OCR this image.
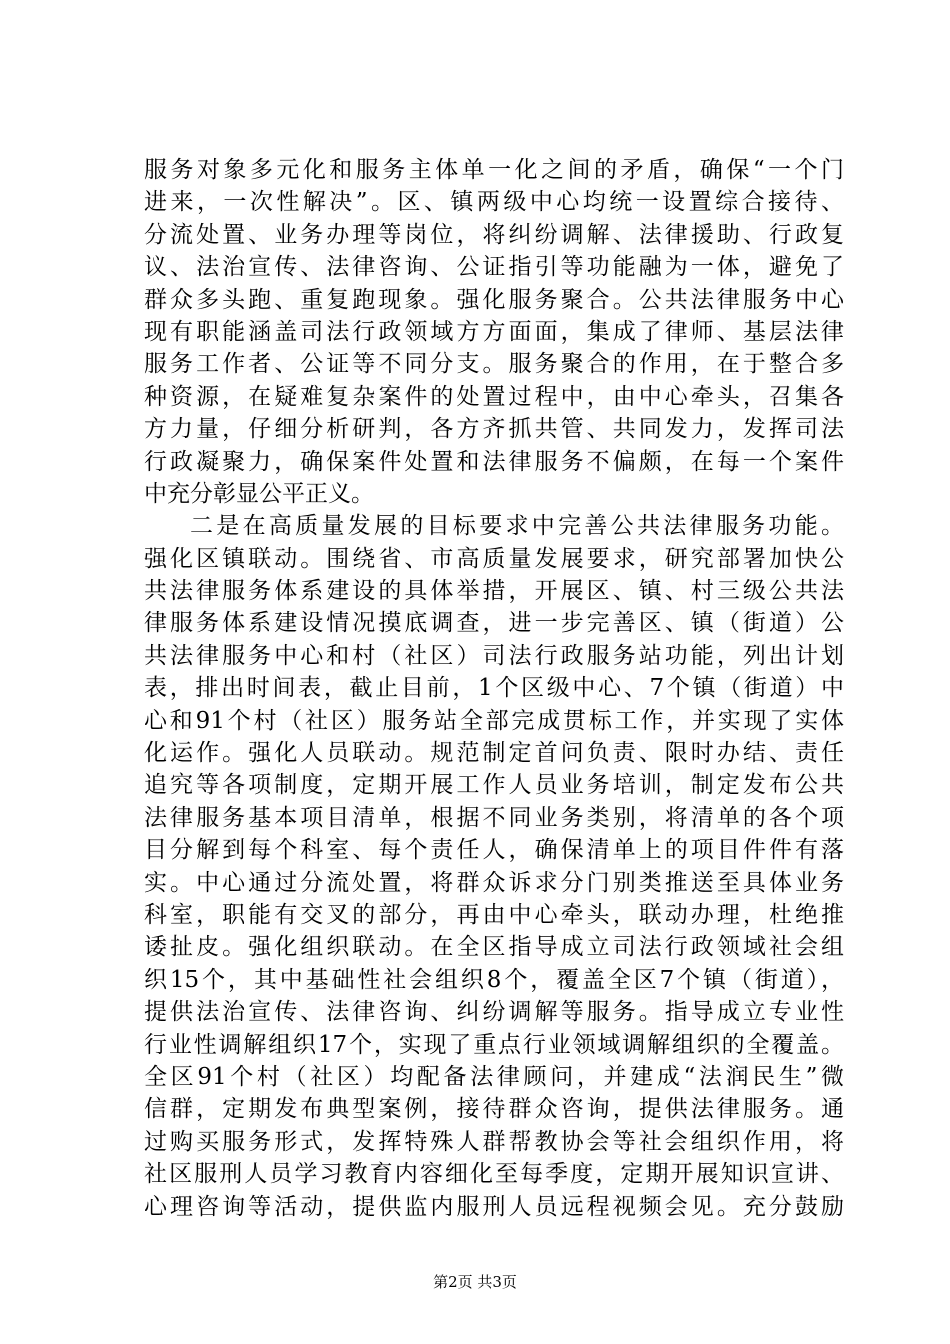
服务对象多元化和服务主体单一化之间的矛盾，确保“一个门
进来，一次性解决”。区、镇两级中心均统一设置综合接待、
分流处置、业务办理等岗位，将纠纷调解、法律援助、行政复
议、法治宣传、法律咨询、公证指引等功能融为一体，避免了
群众多头跑、重复跑现象。强化服务聚合。公共法律服务中心
现有职能涵盖司法行政领域方方面面，集成了律师、基层法律
服务工作者、公证等不同分支。服务聚合的作用，在于整合多
种资源，在疑难复杂案件的处置过程中，由中心牵头，召集各
方力量，仔细分析研判，各方齐抓共管、共同发力，发挥司法
行政凝聚力，确保案件处置和法律服务不偏颇，在每一个案件
中充分彰显公平正义。
二是在高质量发展的目标要求中完善公共法律服务功能。
强化区镇联动。围绕省、市高质量发展要求，研究部署加快公
共法律服务体系建设的具体举措，开展区、镇、村三级公共法
律服务体系建设情况摸底调查，进一步完善区、镇（街道）公
共法律服务中心和村（社区）司法行政服务站功能，列出计划
表，排出时间表，截止目前，1个区级中心、7个镇（街道）中
心和91个村（社区）服务站全部完成贯标工作，并实现了实体
化运作。强化人员联动。规范制定首问负责、限时办结、责任
追究等各项制度，定期开展工作人员业务培训，制定发布公共
法律服务基本项目清单，根据不同业务类别，将清单的各个项
目分解到每个科室、每个责任人，确保清单上的项目件件有落
实。中心通过分流处置，将群众诉求分门别类推送至具体业务
科室，职能有交叉的部分，再由中心牵头，联动办理，杜绝推
诿扯皮。强化组织联动。在全区指导成立司法行政领域社会组
织15个，其中基础性社会组织8个，覆盖全区7个镇（街道），
提供法治宣传、法律咨询、纠纷调解等服务。指导成立专业性
行业性调解组织17个，实现了重点行业领域调解组织的全覆盖。
全区91个村（社区）均配备法律顾问，并建成“法润民生”微
信群，定期发布典型案例，接待群众咨询，提供法律服务。通
过购买服务形式，发挥特殊人群帮教协会等社会组织作用，将
社区服刑人员学习教育内容细化至每季度，定期开展知识宣讲、
心理咨询等活动，提供监内服刑人员远程视频会见。充分鼓励
第2页 共3页
